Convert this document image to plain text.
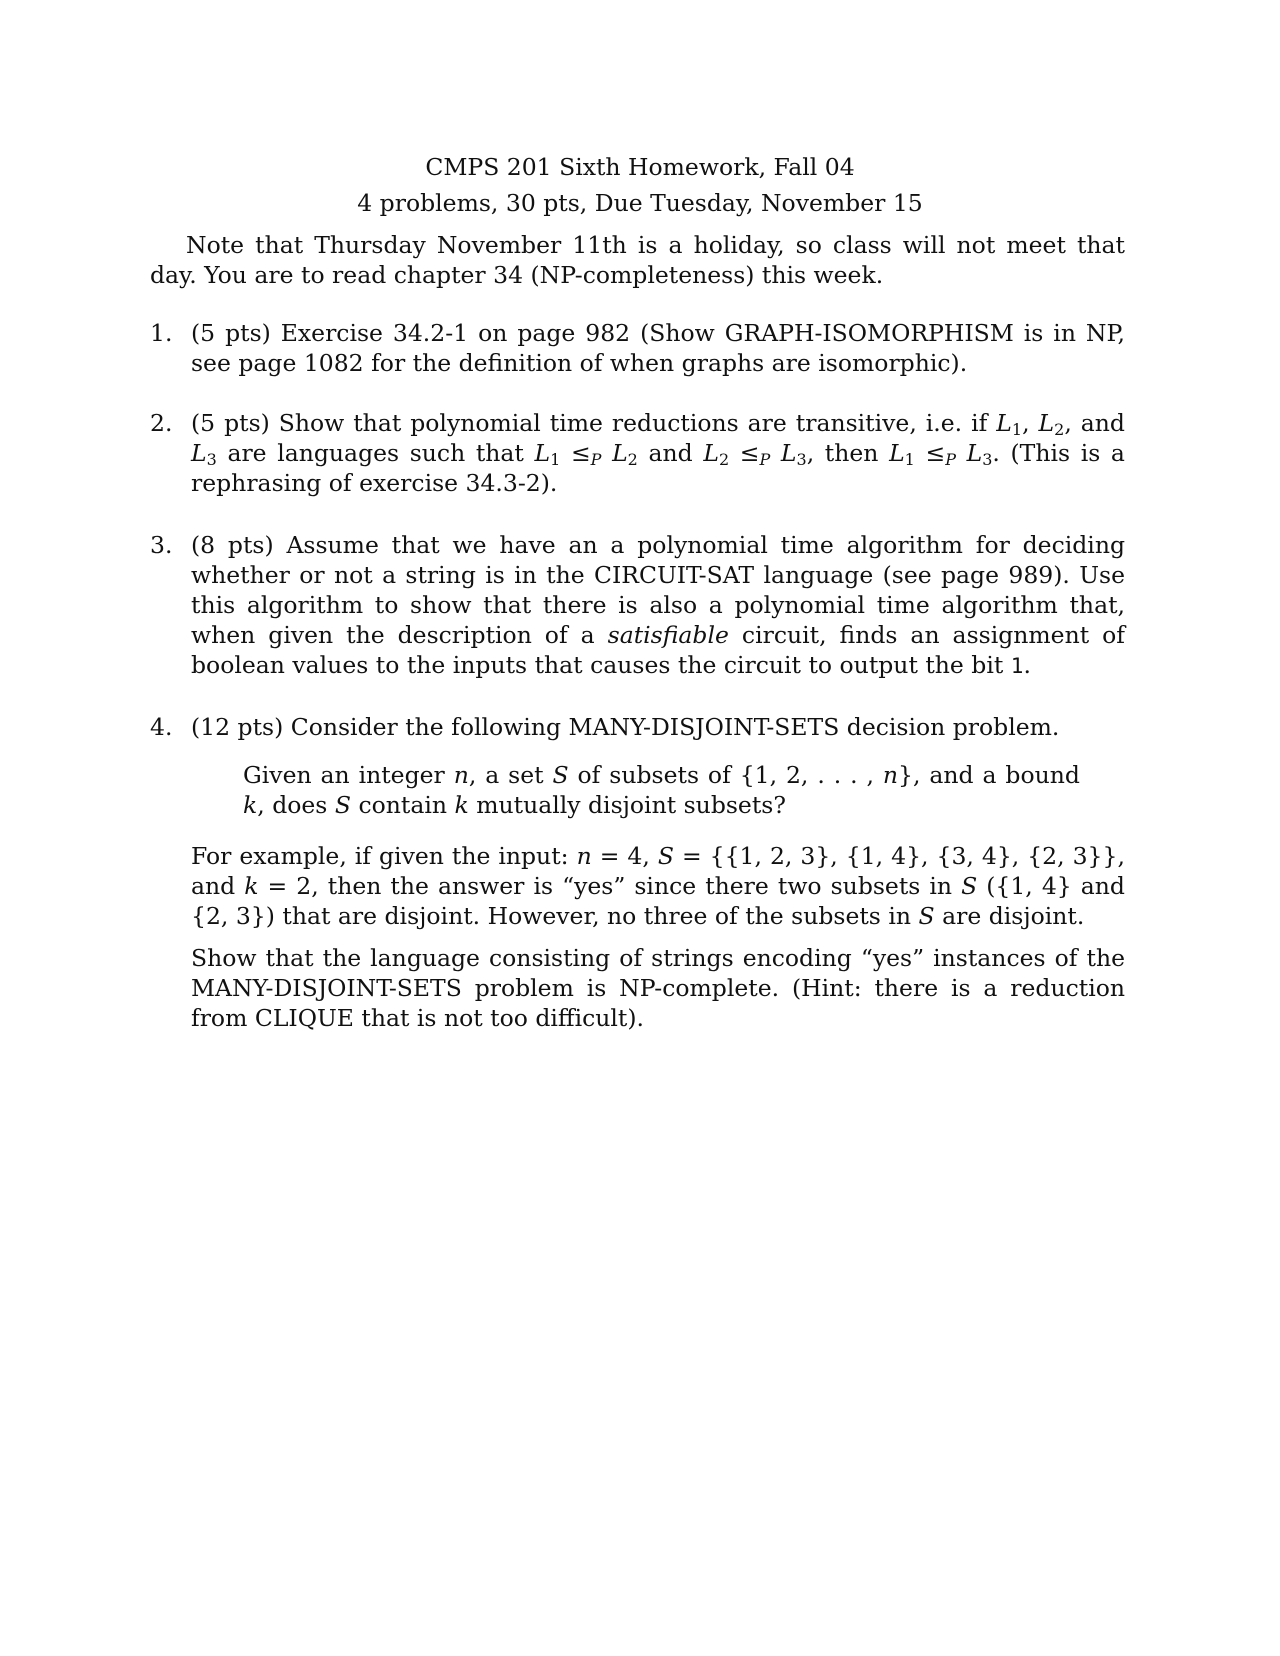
CMPS 201 Sixth Homework, Fall 04
4 problems, 30 pts, Due Tuesday, November 15
Note that Thursday November 11th is a holiday, so class will not meet that day. You are to read chapter 34 (NP-completeness) this week.
1. (5 pts) Exercise 34.2-1 on page 982 (Show GRAPH-ISOMORPHISM is in NP, see page 1082 for the definition of when graphs are isomorphic).
2. (5 pts) Show that polynomial time reductions are transitive, i.e. if $L_1$, $L_2$, and $L_3$ are languages such that $L_1 \le_P$ $L_2$ and $L_2 \le_P$ $L_3$, then $L_1 \le_P$ $L_3$. (This is a rephrasing of exercise 34.3-2).
3. (8 pts) Assume that we have an a polynomial time algorithm for deciding whether or not a string is in the CIRCUIT-SAT language (see page 989). Use this algorithm to show that there is also a polynomial time algorithm that, when given the description of a satisfiable circuit, finds an assignment of boolean values to the inputs that causes the circuit to output the bit 1.
4. (12 pts) Consider the following MANY-DISJOINT-SETS decision problem.
Given an integer n, a set S of subsets of {1, 2, . . . , n}, and a bound k, does S contain k mutually disjoint subsets?
For example, if given the input: n = 4, S = {{1, 2, 3}, {1, 4}, {3, 4}, {2, 3}}, and k = 2, then the answer is “yes” since there two subsets in S ({1, 4} and {2, 3}) that are disjoint. However, no three of the subsets in S are disjoint.
Show that the language consisting of strings encoding “yes” instances of the MANY-DISJOINT-SETS problem is NP-complete. (Hint: there is a reduction from CLIQUE that is not too difficult).
